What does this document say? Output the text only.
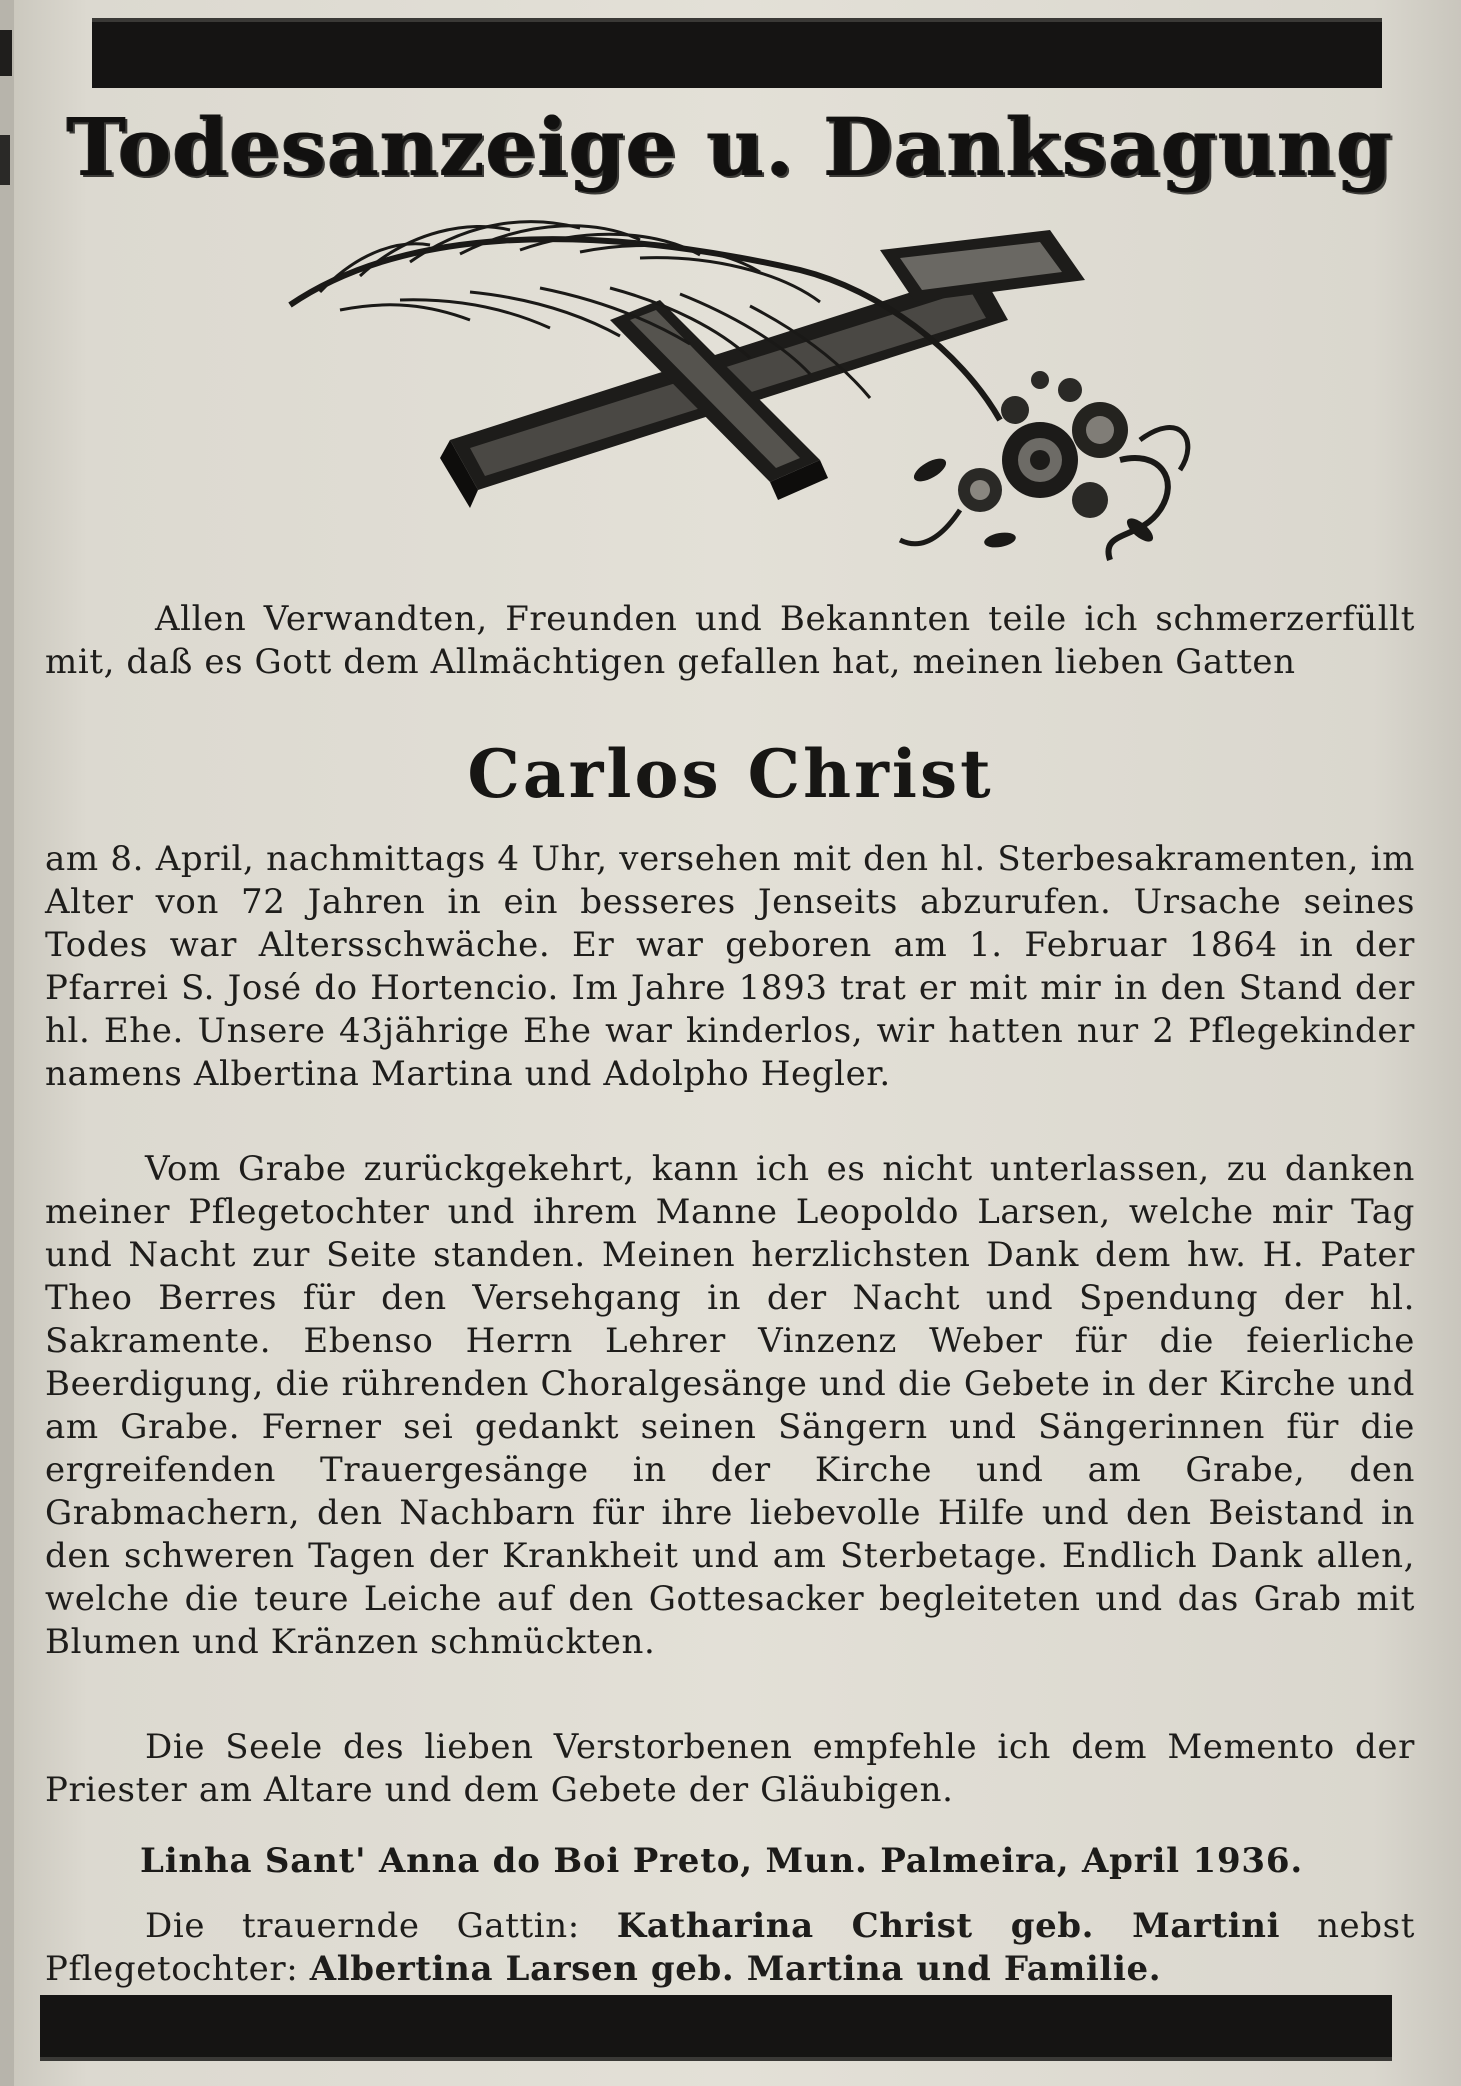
Todesanzeige u. Danksagung

Allen Verwandten, Freunden und Bekannten teile ich schmerzerfüllt mit, daß es Gott dem Allmächtigen gefallen hat, meinen lieben Gatten

Carlos Christ

am 8. April, nachmittags 4 Uhr, versehen mit den hl. Sterbesakramenten, im Alter von 72 Jahren in ein besseres Jenseits abzurufen. Ursache seines Todes war Altersschwäche. Er war geboren am 1. Februar 1864 in der Pfarrei S. José do Hortencio. Im Jahre 1893 trat er mit mir in den Stand der hl. Ehe. Unsere 43jährige Ehe war kinderlos, wir hatten nur 2 Pflegekinder namens Albertina Martina und Adolpho Hegler.

Vom Grabe zurückgekehrt, kann ich es nicht unterlassen, zu danken meiner Pflegetochter und ihrem Manne Leopoldo Larsen, welche mir Tag und Nacht zur Seite standen. Meinen herzlichsten Dank dem hw. H. Pater Theo Berres für den Versehgang in der Nacht und Spendung der hl. Sakramente. Ebenso Herrn Lehrer Vinzenz Weber für die feierliche Beerdigung, die rührenden Choralgesänge und die Gebete in der Kirche und am Grabe. Ferner sei gedankt seinen Sängern und Sängerinnen für die ergreifenden Trauergesänge in der Kirche und am Grabe, den Grabmachern, den Nachbarn für ihre liebevolle Hilfe und den Beistand in den schweren Tagen der Krankheit und am Sterbetage. Endlich Dank allen, welche die teure Leiche auf den Gottesacker begleiteten und das Grab mit Blumen und Kränzen schmückten.

Die Seele des lieben Verstorbenen empfehle ich dem Memento der Priester am Altare und dem Gebete der Gläubigen.

Linha Sant' Anna do Boi Preto, Mun. Palmeira, April 1936.

Die trauernde Gattin: Katharina Christ geb. Martini nebst Pflegetochter: Albertina Larsen geb. Martina und Familie.
